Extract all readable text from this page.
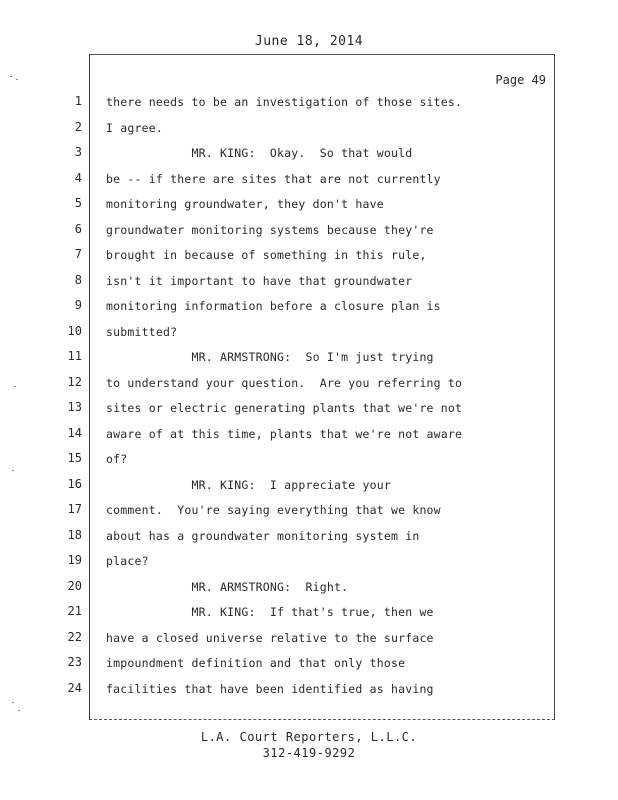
June 18, 2014
Page 49
1 there needs to be an investigation of those sites.
2 I agree.
3 MR. KING:  Okay.  So that would
4 be -- if there are sites that are not currently
5 monitoring groundwater, they don't have
6 groundwater monitoring systems because they're
7 brought in because of something in this rule,
8 isn't it important to have that groundwater
9 monitoring information before a closure plan is
10 submitted?
11 MR. ARMSTRONG:  So I'm just trying
12 to understand your question.  Are you referring to
13 sites or electric generating plants that we're not
14 aware of at this time, plants that we're not aware
15 of?
16 MR. KING:  I appreciate your
17 comment.  You're saying everything that we know
18 about has a groundwater monitoring system in
19 place?
20 MR. ARMSTRONG:  Right.
21 MR. KING:  If that's true, then we
22 have a closed universe relative to the surface
23 impoundment definition and that only those
24 facilities that have been identified as having
L.A. Court Reporters, L.L.C.
312-419-9292
